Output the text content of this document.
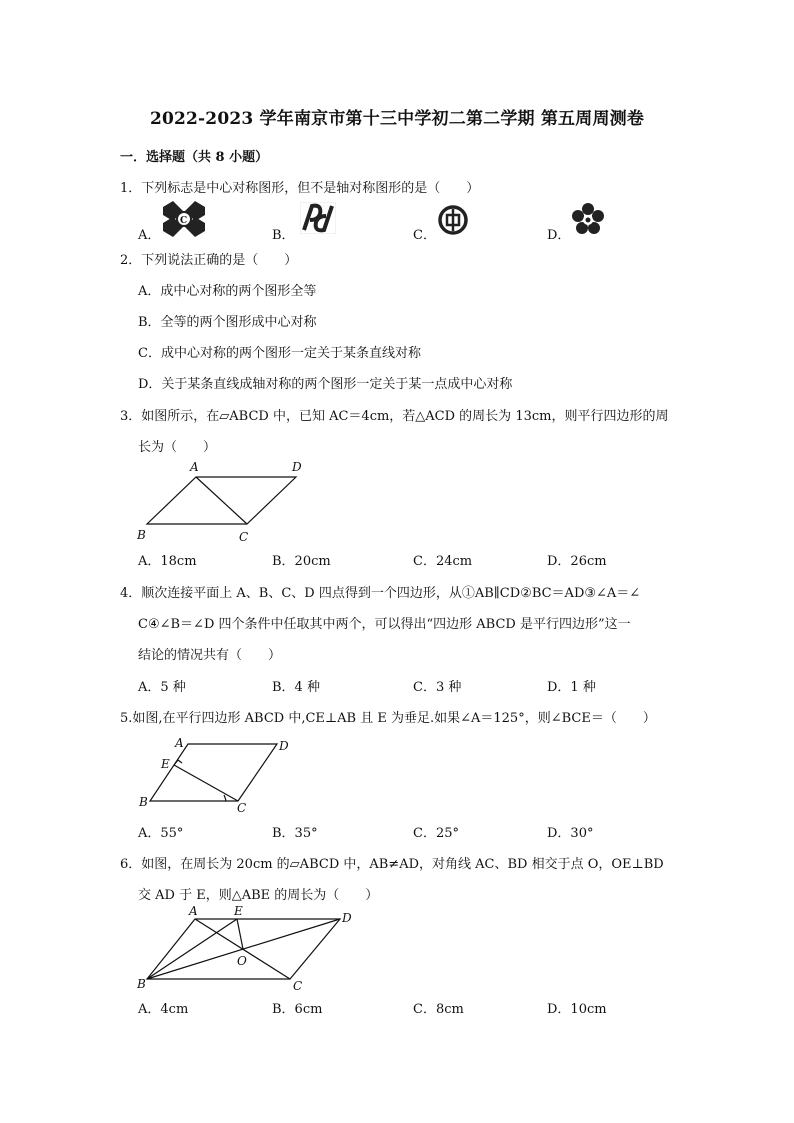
2022-2023 学年南京市第十三中学初二第二学期 第五周周测卷
一．选择题（共 8 小题）
1．下列标志是中心对称图形，但不是轴对称图形的是（　　）
A．
C
B．	C．	D．
2．下列说法正确的是（　　）
A．成中心对称的两个图形全等
B．全等的两个图形成中心对称
C．成中心对称的两个图形一定关于某条直线对称
D．关于某条直线成轴对称的两个图形一定关于某一点成中心对称
3．如图所示，在▱ABCD 中，已知 AC＝4cm，若△ACD 的周长为 13cm，则平行四边形的周
长为（　　）
A	D
B	C
A．18cm	B．20cm	C．24cm	D．26cm
4．顺次连接平面上 A、B、C、D 四点得到一个四边形，从①AB∥CD②BC＝AD③∠A＝∠
C④∠B＝∠D 四个条件中任取其中两个，可以得出“四边形 ABCD 是平行四边形”这一
结论的情况共有（　　）
A．5 种	B．4 种	C．3 种	D．1 种
5.如图,在平行四边形 ABCD 中,CE⊥AB 且 E 为垂足.如果∠A＝125°，则∠BCE＝（　　）
A	D
E
B	C
A．55°	B．35°	C．25°	D．30°
6．如图，在周长为 20cm 的▱ABCD 中，AB≠AD，对角线 AC、BD 相交于点 O，OE⊥BD
交 AD 于 E，则△ABE 的周长为（　　）
A	E	D
O
B	C
A．4cm	B．6cm	C．8cm	D．10cm
